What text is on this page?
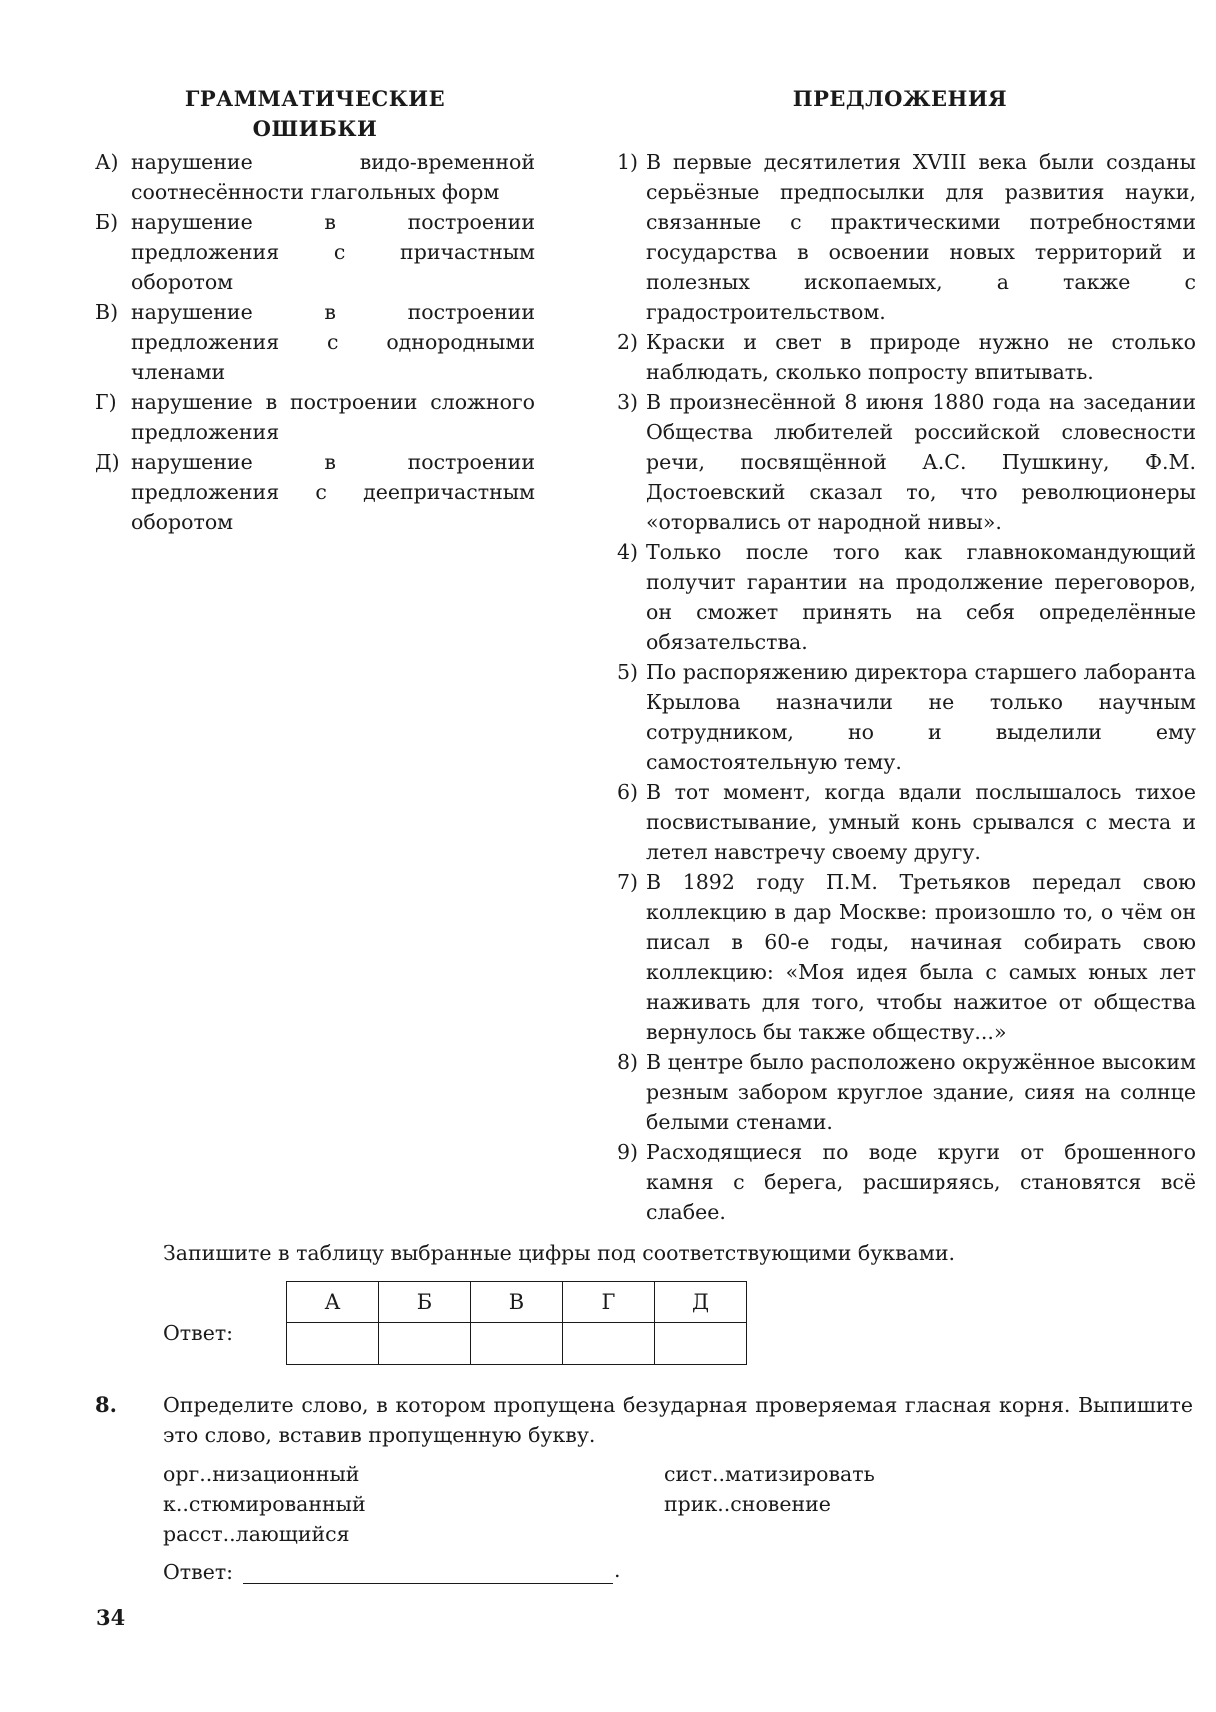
ГРАММАТИЧЕСКИЕ
ОШИБКИ
ПРЕДЛОЖЕНИЯ
А) нарушение видо-временной соотнесённости глагольных форм
Б) нарушение в построении предложения с причастным оборотом
В) нарушение в построении предложения с однородными членами
Г) нарушение в построении сложного предложения
Д) нарушение в построении предложения с деепричастным оборотом
1) В первые десятилетия XVIII века были созданы серьёзные предпосылки для развития науки, связанные с практическими потребностями государства в освоении новых территорий и полезных ископаемых, а также с градостроительством.
2) Краски и свет в природе нужно не столько наблюдать, сколько попросту впитывать.
3) В произнесённой 8 июня 1880 года на заседании Общества любителей российской словесности речи, посвящённой А.С. Пушкину, Ф.М. Достоевский сказал то, что революционеры «оторвались от народной нивы».
4) Только после того как главнокомандующий получит гарантии на продолжение переговоров, он сможет принять на себя определённые обязательства.
5) По распоряжению директора старшего лаборанта Крылова назначили не только научным сотрудником, но и выделили ему самостоятельную тему.
6) В тот момент, когда вдали послышалось тихое посвистывание, умный конь срывался с места и летел навстречу своему другу.
7) В 1892 году П.М. Третьяков передал свою коллекцию в дар Москве: произошло то, о чём он писал в 60-е годы, начиная собирать свою коллекцию: «Моя идея была с самых юных лет наживать для того, чтобы нажитое от общества вернулось бы также обществу...»
8) В центре было расположено окружённое высоким резным забором круглое здание, сияя на солнце белыми стенами.
9) Расходящиеся по воде круги от брошенного камня с берега, расширяясь, становятся всё слабее.
Запишите в таблицу выбранные цифры под соответствующими буквами.
Ответ:
А	Б	В	Г	Д

8. Определите слово, в котором пропущена безударная проверяемая гласная корня. Выпишите это слово, вставив пропущенную букву.
орг..низационный
к..стюмированный
расст..лающийся
сист..матизировать
прик..сновение
Ответ:	.
34
